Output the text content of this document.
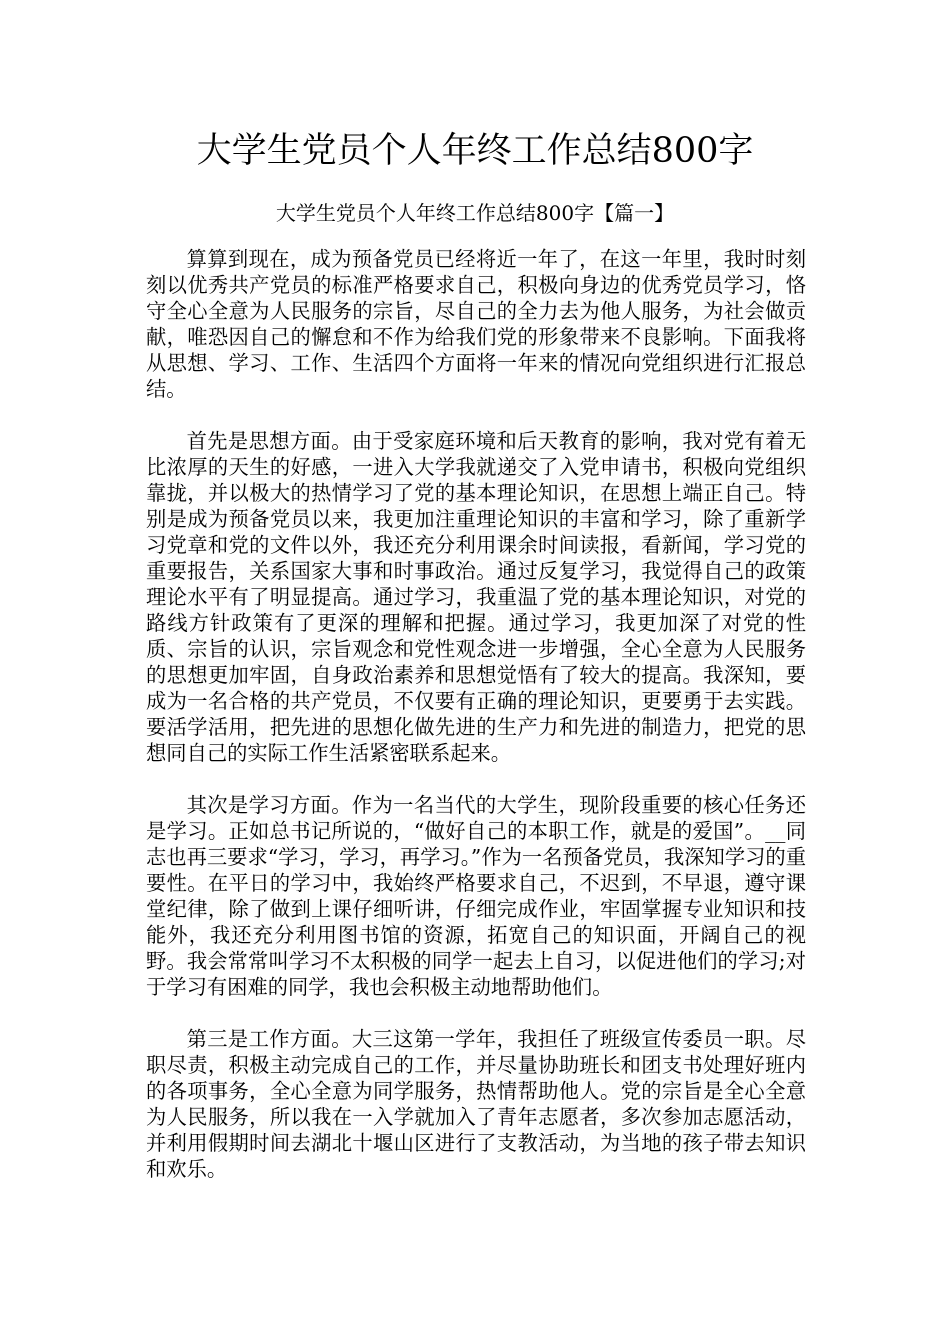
大学生党员个人年终工作总结800字
大学生党员个人年终工作总结800字【篇一】

算算到现在，成为预备党员已经将近一年了，在这一年里，我时时刻刻以优秀共产党员的标准严格要求自己，积极向身边的优秀党员学习，恪守全心全意为人民服务的宗旨，尽自己的全力去为他人服务，为社会做贡献，唯恐因自己的懈怠和不作为给我们党的形象带来不良影响。下面我将从思想、学习、工作、生活四个方面将一年来的情况向党组织进行汇报总结。

首先是思想方面。由于受家庭环境和后天教育的影响，我对党有着无比浓厚的天生的好感，一进入大学我就递交了入党申请书，积极向党组织靠拢，并以极大的热情学习了党的基本理论知识，在思想上端正自己。特别是成为预备党员以来，我更加注重理论知识的丰富和学习，除了重新学习党章和党的文件以外，我还充分利用课余时间读报，看新闻，学习党的重要报告，关系国家大事和时事政治。通过反复学习，我觉得自己的政策理论水平有了明显提高。通过学习，我重温了党的基本理论知识，对党的路线方针政策有了更深的理解和把握。通过学习，我更加深了对党的性质、宗旨的认识，宗旨观念和党性观念进一步增强，全心全意为人民服务的思想更加牢固，自身政治素养和思想觉悟有了较大的提高。我深知，要成为一名合格的共产党员，不仅要有正确的理论知识，更要勇于去实践。要活学活用，把先进的思想化做先进的生产力和先进的制造力，把党的思想同自己的实际工作生活紧密联系起来。

其次是学习方面。作为一名当代的大学生，现阶段重要的核心任务还是学习。正如总书记所说的，“做好自己的本职工作，就是的爱国”。__同志也再三要求“学习，学习，再学习。”作为一名预备党员，我深知学习的重要性。在平日的学习中，我始终严格要求自己，不迟到，不早退，遵守课堂纪律，除了做到上课仔细听讲，仔细完成作业，牢固掌握专业知识和技能外，我还充分利用图书馆的资源，拓宽自己的知识面，开阔自己的视野。我会常常叫学习不太积极的同学一起去上自习，以促进他们的学习;对于学习有困难的同学，我也会积极主动地帮助他们。

第三是工作方面。大三这第一学年，我担任了班级宣传委员一职。尽职尽责，积极主动完成自己的工作，并尽量协助班长和团支书处理好班内的各项事务，全心全意为同学服务，热情帮助他人。党的宗旨是全心全意为人民服务，所以我在一入学就加入了青年志愿者，多次参加志愿活动，并利用假期时间去湖北十堰山区进行了支教活动，为当地的孩子带去知识和欢乐。
